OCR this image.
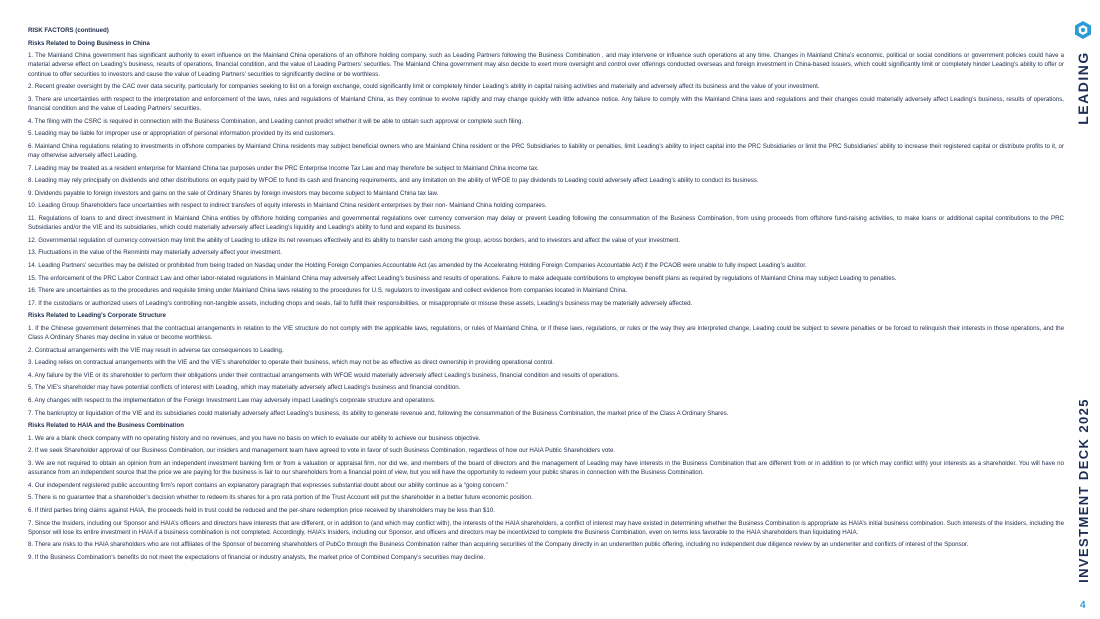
RISK FACTORS (continued)
Risks Related to Doing Business in China
1. The Mainland China government has significant authority to exert influence on the Mainland China operations of an offshore holding company, such as Leading Partners following the Business Combination , and may intervene or influence such operations at any time. Changes in Mainland China’s economic, political or social conditions or government policies could have a material adverse effect on Leading’s business, results of operations, financial condition, and the value of Leading Partners’ securities. The Mainland China government may also decide to exert more oversight and control over offerings conducted overseas and foreign investment in China-based issuers, which could significantly limit or completely hinder Leading’s ability to offer or continue to offer securities to investors and cause the value of Leading Partners’ securities to significantly decline or be worthless.
2. Recent greater oversight by the CAC over data security, particularly for companies seeking to list on a foreign exchange, could significantly limit or completely hinder Leading’s ability in capital raising activities and materially and adversely affect its business and the value of your investment.
3. There are uncertainties with respect to the interpretation and enforcement of the laws, rules and regulations of Mainland China, as they continue to evolve rapidly and may change quickly with little advance notice. Any failure to comply with the Mainland China laws and regulations and their changes could materially adversely affect Leading’s business, results of operations, financial condition and the value of Leading Partners’ securities.
4. The filing with the CSRC is required in connection with the Business Combination, and Leading cannot predict whether it will be able to obtain such approval or complete such filing.
5. Leading may be liable for improper use or appropriation of personal information provided by its end customers.
6. Mainland China regulations relating to investments in offshore companies by Mainland China residents may subject beneficial owners who are Mainland China resident or the PRC Subsidiaries to liability or penalties, limit Leading’s ability to inject capital into the PRC Subsidiaries or limit the PRC Subsidiaries’ ability to increase their registered capital or distribute profits to it, or may otherwise adversely affect Leading.
7. Leading may be treated as a resident enterprise for Mainland China tax purposes under the PRC Enterprise Income Tax Law and may therefore be subject to Mainland China income tax.
8. Leading may rely principally on dividends and other distributions on equity paid by WFOE to fund its cash and financing requirements, and any limitation on the ability of WFOE to pay dividends to Leading could adversely affect Leading’s ability to conduct its business.
9. Dividends payable to foreign investors and gains on the sale of Ordinary Shares by foreign investors may become subject to Mainland China tax law.
10. Leading Group Shareholders face uncertainties with respect to indirect transfers of equity interests in Mainland China resident enterprises by their non- Mainland China holding companies.
11. Regulations of loans to and direct investment in Mainland China entities by offshore holding companies and governmental regulations over currency conversion may delay or prevent Leading following the consummation of the Business Combination, from using proceeds from offshore fund-raising activities, to make loans or additional capital contributions to the PRC Subsidiaries and/or the VIE and its subsidiaries, which could materially adversely affect Leading’s liquidity and Leading’s ability to fund and expand its business.
12. Governmental regulation of currency conversion may limit the ability of Leading to utilize its net revenues effectively and its ability to transfer cash among the group, across borders, and to investors and affect the value of your investment.
13. Fluctuations in the value of the Renminbi may materially adversely affect your investment.
14. Leading Partners’ securities may be delisted or prohibited from being traded on Nasdaq under the Holding Foreign Companies Accountable Act (as amended by the Accelerating Holding Foreign Companies Accountable Act) if the PCAOB were unable to fully inspect Leading’s auditor.
15. The enforcement of the PRC Labor Contract Law and other labor-related regulations in Mainland China may adversely affect Leading’s business and results of operations. Failure to make adequate contributions to employee benefit plans as required by regulations of Mainland China may subject Leading to penalties.
16. There are uncertainties as to the procedures and requisite timing under Mainland China laws relating to the procedures for U.S. regulators to investigate and collect evidence from companies located in Mainland China.
17. If the custodians or authorized users of Leading’s controlling non-tangible assets, including chops and seals, fail to fulfill their responsibilities, or misappropriate or misuse these assets, Leading’s business may be materially adversely affected.
Risks Related to Leading’s Corporate Structure
1. If the Chinese government determines that the contractual arrangements in relation to the VIE structure do not comply with the applicable laws, regulations, or rules of Mainland China, or if these laws, regulations, or rules or the way they are interpreted change, Leading could be subject to severe penalties or be forced to relinquish their interests in those operations, and the Class A Ordinary Shares may decline in value or become worthless.
2. Contractual arrangements with the VIE may result in adverse tax consequences to Leading.
3. Leading relies on contractual arrangements with the VIE and the VIE’s shareholder to operate their business, which may not be as effective as direct ownership in providing operational control.
4. Any failure by the VIE or its shareholder to perform their obligations under their contractual arrangements with WFOE would materially adversely affect Leading’s business, financial condition and results of operations.
5. The VIE’s shareholder may have potential conflicts of interest with Leading, which may materially adversely affect Leading’s business and financial condition.
6. Any changes with respect to the implementation of the Foreign Investment Law may adversely impact Leading’s corporate structure and operations.
7. The bankruptcy or liquidation of the VIE and its subsidiaries could materially adversely affect Leading’s business, its ability to generate revenue and, following the consummation of the Business Combination, the market price of the Class A Ordinary Shares.
Risks Related to HAIA and the Business Combination
1. We are a blank check company with no operating history and no revenues, and you have no basis on which to evaluate our ability to achieve our business objective.
2. If we seek Shareholder approval of our Business Combination, our insiders and management team have agreed to vote in favor of such Business Combination, regardless of how our HAIA Public Shareholders vote.
3. We are not required to obtain an opinion from an independent investment banking firm or from a valuation or appraisal firm, nor did we, and members of the board of directors and the management of Leading may have interests in the Business Combination that are different from or in addition to (or which may conflict with) your interests as a shareholder. You will have no assurance from an independent source that the price we are paying for the business is fair to our shareholders from a financial point of view, but you will have the opportunity to redeem your public shares in connection with the Business Combination.
4. Our independent registered public accounting firm’s report contains an explanatory paragraph that expresses substantial doubt about our ability continue as a “going concern.”
5. There is no guarantee that a shareholder’s decision whether to redeem its shares for a pro rata portion of the Trust Account will put the shareholder in a better future economic position.
6. If third parties bring claims against HAIA, the proceeds held in trust could be reduced and the per-share redemption price received by shareholders may be less than $10.
7. Since the Insiders, including our Sponsor and HAIA’s officers and directors have interests that are different, or in addition to (and which may conflict with), the interests of the HAIA shareholders, a conflict of interest may have existed in determining whether the Business Combination is appropriate as HAIA’s initial business combination. Such interests of the Insiders, including the Sponsor will lose its entire investment in HAIA if a business combination is not completed. Accordingly, HAIA’s Insiders, including our Sponsor, and officers and directors may be incentivized to complete the Business Combination, even on terms less favorable to the HAIA shareholders than liquidating HAIA.
8. There are risks to the HAIA shareholders who are not affiliates of the Sponsor of becoming shareholders of PubCo through the Business Combination rather than acquiring securities of the Company directly in an underwritten public offering, including no independent due diligence review by an underwriter and conflicts of interest of the Sponsor.
9. If the Business Combination’s benefits do not meet the expectations of financial or industry analysts, the market price of Combined Company’s securities may decline.
LEADING
INVESTMENT DECK 2025
4
